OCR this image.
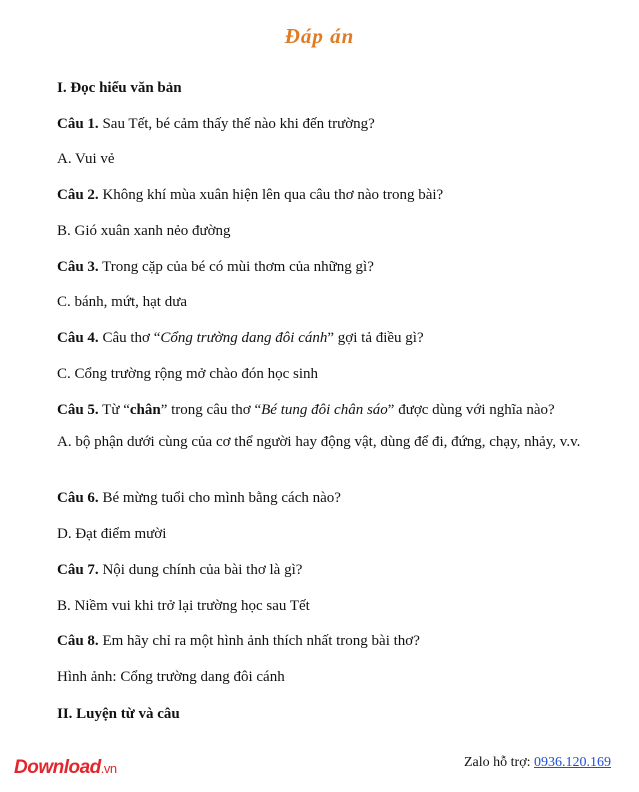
Đáp án
I. Đọc hiểu văn bản
Câu 1. Sau Tết, bé cảm thấy thế nào khi đến trường?
A. Vui vẻ
Câu 2. Không khí mùa xuân hiện lên qua câu thơ nào trong bài?
B. Gió xuân xanh nẻo đường
Câu 3. Trong cặp của bé có mùi thơm của những gì?
C. bánh, mứt, hạt dưa
Câu 4. Câu thơ “Cổng trường dang đôi cánh” gợi tả điều gì?
C. Cổng trường rộng mở chào đón học sinh
Câu 5. Từ “chân” trong câu thơ “Bé tung đôi chân sáo” được dùng với nghĩa nào?
A. bộ phận dưới cùng của cơ thể người hay động vật, dùng để đi, đứng, chạy, nhảy, v.v.
Câu 6. Bé mừng tuổi cho mình bằng cách nào?
D. Đạt điểm mười
Câu 7. Nội dung chính của bài thơ là gì?
B. Niềm vui khi trở lại trường học sau Tết
Câu 8. Em hãy chỉ ra một hình ảnh thích nhất trong bài thơ?
Hình ảnh: Cổng trường dang đôi cánh
II. Luyện từ và câu
Download.vn	Zalo hỗ trợ: 0936.120.169
